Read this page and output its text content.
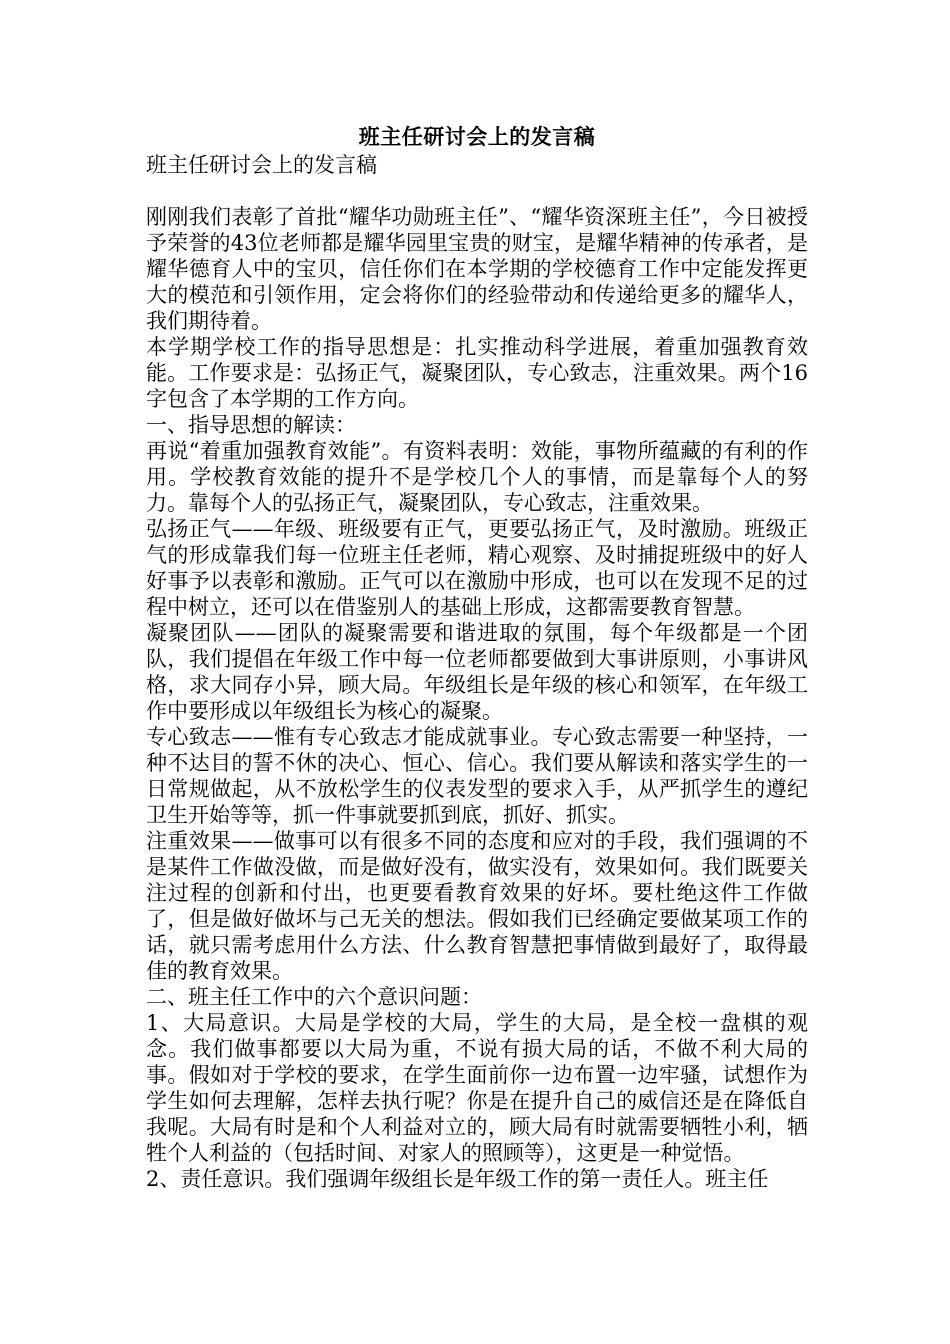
班主任研讨会上的发言稿

班主任研讨会上的发言稿

刚刚我们表彰了首批“耀华功勋班主任”、“耀华资深班主任”，今日被授予荣誉的43位老师都是耀华园里宝贵的财宝，是耀华精神的传承者，是耀华德育人中的宝贝，信任你们在本学期的学校德育工作中定能发挥更大的模范和引领作用，定会将你们的经验带动和传递给更多的耀华人，我们期待着。

本学期学校工作的指导思想是：扎实推动科学进展，着重加强教育效能。工作要求是：弘扬正气，凝聚团队，专心致志，注重效果。两个16字包含了本学期的工作方向。

一、指导思想的解读：

再说“着重加强教育效能”。有资料表明：效能，事物所蕴藏的有利的作用。学校教育效能的提升不是学校几个人的事情，而是靠每个人的努力。靠每个人的弘扬正气，凝聚团队，专心致志，注重效果。

弘扬正气——年级、班级要有正气，更要弘扬正气，及时激励。班级正气的形成靠我们每一位班主任老师，精心观察、及时捕捉班级中的好人好事予以表彰和激励。正气可以在激励中形成，也可以在发现不足的过程中树立，还可以在借鉴别人的基础上形成，这都需要教育智慧。

凝聚团队——团队的凝聚需要和谐进取的氛围，每个年级都是一个团队，我们提倡在年级工作中每一位老师都要做到大事讲原则，小事讲风格，求大同存小异，顾大局。年级组长是年级的核心和领军，在年级工作中要形成以年级组长为核心的凝聚。

专心致志——惟有专心致志才能成就事业。专心致志需要一种坚持，一种不达目的誓不休的决心、恒心、信心。我们要从解读和落实学生的一日常规做起，从不放松学生的仪表发型的要求入手，从严抓学生的遵纪卫生开始等等，抓一件事就要抓到底，抓好、抓实。

注重效果——做事可以有很多不同的态度和应对的手段，我们强调的不是某件工作做没做，而是做好没有，做实没有，效果如何。我们既要关注过程的创新和付出，也更要看教育效果的好坏。要杜绝这件工作做了，但是做好做坏与己无关的想法。假如我们已经确定要做某项工作的话，就只需考虑用什么方法、什么教育智慧把事情做到最好了，取得最佳的教育效果。

二、班主任工作中的六个意识问题：

1、大局意识。大局是学校的大局，学生的大局，是全校一盘棋的观念。我们做事都要以大局为重，不说有损大局的话，不做不利大局的事。假如对于学校的要求，在学生面前你一边布置一边牢骚，试想作为学生如何去理解，怎样去执行呢？你是在提升自己的威信还是在降低自我呢。大局有时是和个人利益对立的，顾大局有时就需要牺牲小利，牺牲个人利益的（包括时间、对家人的照顾等），这更是一种觉悟。

2、责任意识。我们强调年级组长是年级工作的第一责任人。班主任
